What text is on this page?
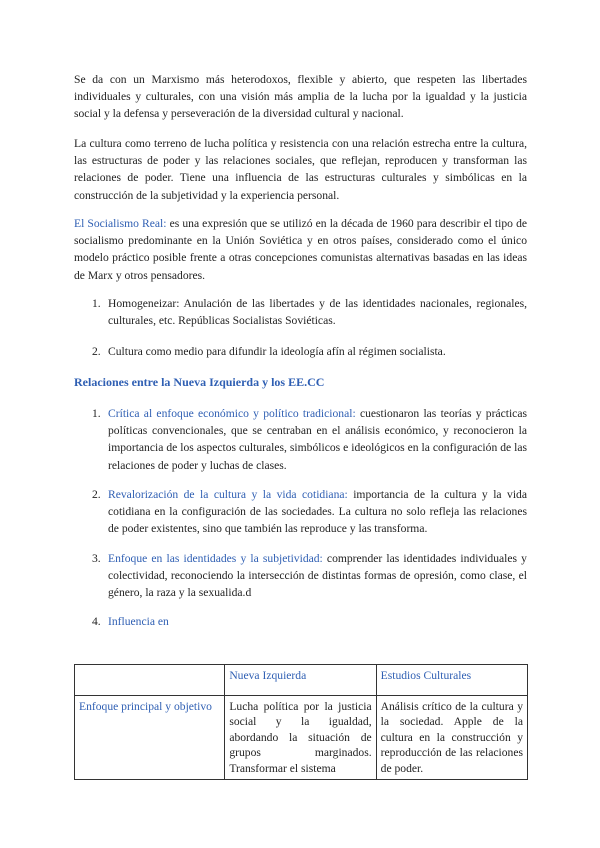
Se da con un Marxismo más heterodoxos, flexible y abierto, que respeten las libertades individuales y culturales, con una visión más amplia de la lucha por la igualdad y la justicia social y la defensa y perseveración de la diversidad cultural y nacional.

La cultura como terreno de lucha política y resistencia con una relación estrecha entre la cultura, las estructuras de poder y las relaciones sociales, que reflejan, reproducen y transforman las relaciones de poder. Tiene una influencia de las estructuras culturales y simbólicas en la construcción de la subjetividad y la experiencia personal.

El Socialismo Real: es una expresión que se utilizó en la década de 1960 para describir el tipo de socialismo predominante en la Unión Soviética y en otros países, considerado como el único modelo práctico posible frente a otras concepciones comunistas alternativas basadas en las ideas de Marx y otros pensadores.

1. Homogeneizar: Anulación de las libertades y de las identidades nacionales, regionales, culturales, etc. Repúblicas Socialistas Soviéticas.
2. Cultura como medio para difundir la ideología afín al régimen socialista.

Relaciones entre la Nueva Izquierda y los EE.CC

1. Crítica al enfoque económico y político tradicional: cuestionaron las teorías y prácticas políticas convencionales, que se centraban en el análisis económico, y reconocieron la importancia de los aspectos culturales, simbólicos e ideológicos en la configuración de las relaciones de poder y luchas de clases.
2. Revalorización de la cultura y la vida cotidiana: importancia de la cultura y la vida cotidiana en la configuración de las sociedades. La cultura no solo refleja las relaciones de poder existentes, sino que también las reproduce y las transforma.
3. Enfoque en las identidades y la subjetividad: comprender las identidades individuales y colectividad, reconociendo la intersección de distintas formas de opresión, como clase, el género, la raza y la sexualida.d
4. Influencia en
	Nueva Izquierda	Estudios Culturales
Enfoque principal y objetivo	Lucha política por la justicia social y la igualdad, abordando la situación de grupos marginados. Transformar el sistema	Análisis crítico de la cultura y la sociedad. Apple de la cultura en la construcción y reproducción de las relaciones de poder.
